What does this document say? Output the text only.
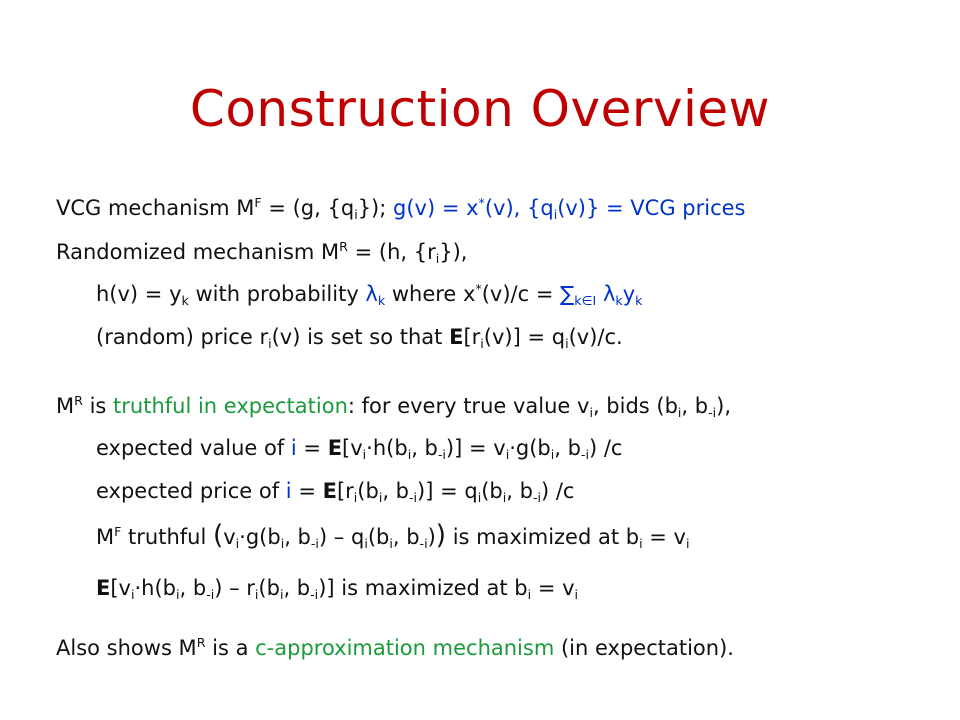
Construction Overview
VCG mechanism $M^F = (g$, $\{q_i\}$); g(v) = x*(v), $\{q_i(v)\}$ = VCG prices
Randomized mechanism $M^R = (h$, $\{r_i\}$),
$h(v) = y_k$ with probability $\lambda_k$ where $x^*(v)/c = \sum_{k\in I}$ $\lambda_ky_k$
(random) price $r_i(v)$ is set so that $E[r_i(v)] = q_i(v)/c$.
$M^R$ is truthful in expectation: for every true value $v_i$, bids ($b_i$, $b_{-i}$),
expected value of $i = E[v_i\cdot h(b_i$, $b_{-i})] = v_i\cdot g(b_i$, $b_{-i}$) /c
expected price of $i = E[r_i(b_i$, $b_{-i})] = q_i(b_i$, $b_{-i}$) /c
$M^F$ truthful ($v_i\cdot g(b_i$, $b_{-i}) - q_i(b_i$, $b_{-i}$)) is maximized at $b_i = v_i$
$E[v_i\cdot h(b_i$, $b_{-i}) - r_i(b_i$, $b_{-i}$)] is maximized at $b_i = v_i$
Also shows $M^R$ is a c-approximation mechanism (in expectation).
